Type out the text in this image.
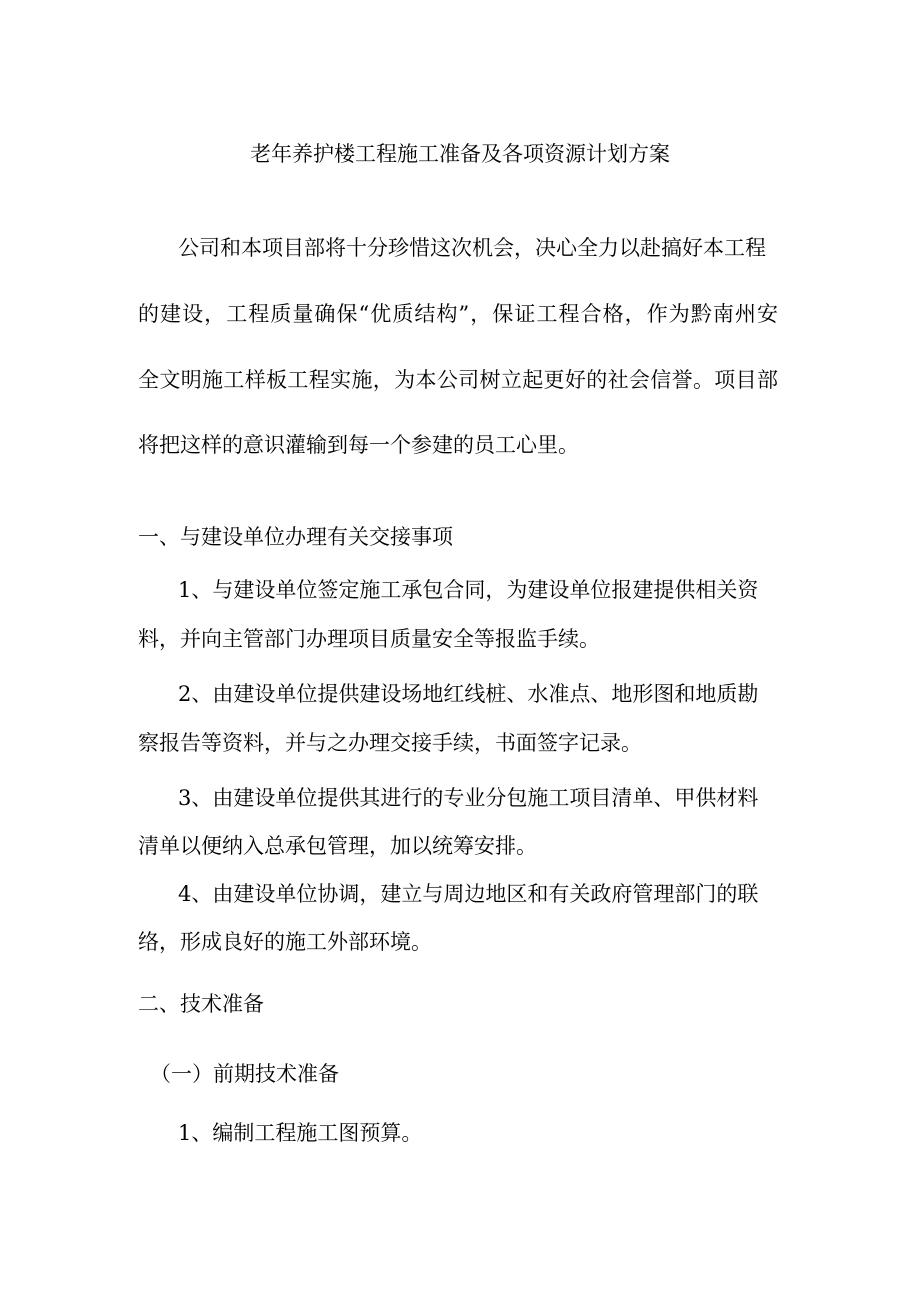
老年养护楼工程施工准备及各项资源计划方案
公司和本项目部将十分珍惜这次机会，决心全力以赴搞好本工程
的建设，工程质量确保“优质结构”，保证工程合格，作为黔南州安
全文明施工样板工程实施，为本公司树立起更好的社会信誉。项目部
将把这样的意识灌输到每一个参建的员工心里。
一、与建设单位办理有关交接事项
1、与建设单位签定施工承包合同，为建设单位报建提供相关资
料，并向主管部门办理项目质量安全等报监手续。
2、由建设单位提供建设场地红线桩、水准点、地形图和地质勘
察报告等资料，并与之办理交接手续，书面签字记录。
3、由建设单位提供其进行的专业分包施工项目清单、甲供材料
清单以便纳入总承包管理，加以统筹安排。
4、由建设单位协调，建立与周边地区和有关政府管理部门的联
络，形成良好的施工外部环境。
二、技术准备
（一）前期技术准备
1、编制工程施工图预算。
